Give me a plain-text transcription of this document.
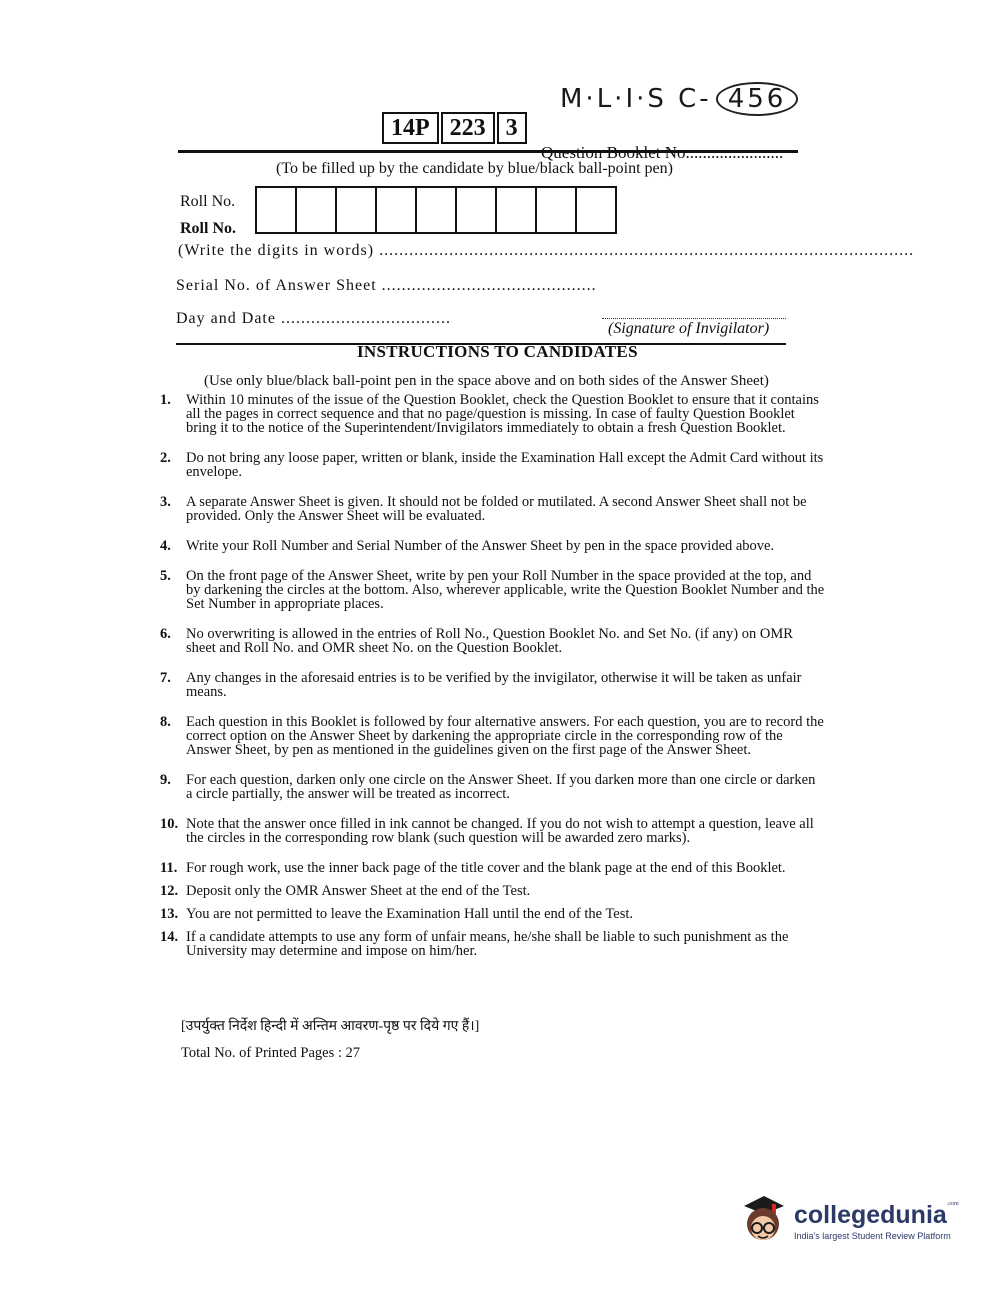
M·L·I·S C- 456
14P 223 3
Question Booklet No.......................
(To be filled up by the candidate by blue/black ball-point pen)
Roll No.
Roll No.
(Write the digits in words) ...........................................................................................................
Serial No. of Answer Sheet ...........................................
Day and Date ..................................
(Signature of Invigilator)
INSTRUCTIONS TO CANDIDATES
(Use only blue/black ball-point pen in the space above and on both sides of the Answer Sheet)
1.	Within 10 minutes of the issue of the Question Booklet, check the Question Booklet to ensure that it contains all the pages in correct sequence and that no page/question is missing. In case of faulty Question Booklet bring it to the notice of the Superintendent/Invigilators immediately to obtain a fresh Question Booklet.
2.	Do not bring any loose paper, written or blank, inside the Examination Hall except the Admit Card without its envelope.
3.	A separate Answer Sheet is given. It should not be folded or mutilated. A second Answer Sheet shall not be provided. Only the Answer Sheet will be evaluated.
4.	Write your Roll Number and Serial Number of the Answer Sheet by pen in the space provided above.
5.	On the front page of the Answer Sheet, write by pen your Roll Number in the space provided at the top, and by darkening the circles at the bottom. Also, wherever applicable, write the Question Booklet Number and the Set Number in appropriate places.
6.	No overwriting is allowed in the entries of Roll No., Question Booklet No. and Set No. (if any) on OMR sheet and Roll No. and OMR sheet No. on the Question Booklet.
7.	Any changes in the aforesaid entries is to be verified by the invigilator, otherwise it will be taken as unfair means.
8.	Each question in this Booklet is followed by four alternative answers. For each question, you are to record the correct option on the Answer Sheet by darkening the appropriate circle in the corresponding row of the Answer Sheet, by pen as mentioned in the guidelines given on the first page of the Answer Sheet.
9.	For each question, darken only one circle on the Answer Sheet. If you darken more than one circle or darken a circle partially, the answer will be treated as incorrect.
10. Note that the answer once filled in ink cannot be changed. If you do not wish to attempt a question, leave all the circles in the corresponding row blank (such question will be awarded zero marks).
11. For rough work, use the inner back page of the title cover and the blank page at the end of this Booklet.
12. Deposit only the OMR Answer Sheet at the end of the Test.
13. You are not permitted to leave the Examination Hall until the end of the Test.
14. If a candidate attempts to use any form of unfair means, he/she shall be liable to such punishment as the University may determine and impose on him/her.
[उपर्युक्त निर्देश हिन्दी में अन्तिम आवरण-पृष्ठ पर दिये गए हैं।]
Total No. of Printed Pages : 27
collegedunia$^{.com}$
India's largest Student Review Platform
